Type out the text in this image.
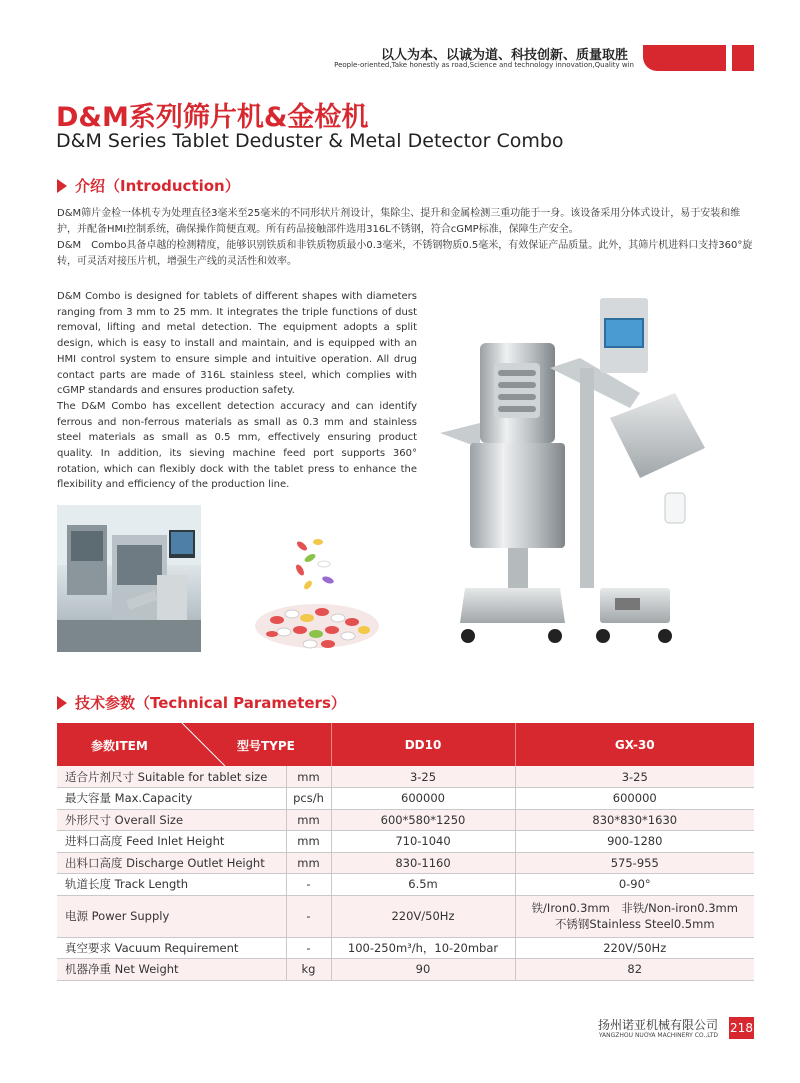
以人为本、以诚为道、科技创新、质量取胜
People-oriented,Take honestly as road,Science and technology innovation,Quality win
D&M系列筛片机&金检机
D&M Series Tablet Deduster & Metal Detector Combo
介绍（Introduction）

D&M筛片金检一体机专为处理直径3毫米至25毫米的不同形状片剂设计，集除尘、提升和金属检测三重功能于一身。该设备采用分体式设计，易于安装和维护，并配备HMI控制系统，确保操作简便直观。所有药品接触部件选用316L不锈钢，符合cGMP标准，保障生产安全。

D&M　Combo具备卓越的检测精度，能够识别铁质和非铁质物质最小0.3毫米，不锈钢物质0.5毫米，有效保证产品质量。此外，其筛片机进料口支持360°旋转，可灵活对接压片机，增强生产线的灵活性和效率。

D&M Combo is designed for tablets of different shapes with diameters ranging from 3 mm to 25 mm. It integrates the triple functions of dust removal, lifting and metal detection. The equipment adopts a split design, which is easy to install and maintain, and is equipped with an HMI control system to ensure simple and intuitive operation. All drug contact parts are made of 316L stainless steel, which complies with cGMP standards and ensures production safety.

The D&M Combo has excellent detection accuracy and can identify ferrous and non-ferrous materials as small as 0.3 mm and stainless steel materials as small as 0.5 mm, effectively ensuring product quality. In addition, its sieving machine feed port supports 360° rotation, which can flexibly dock with the tablet press to enhance the flexibility and efficiency of the production line.

技术参数（Technical Parameters）
参数ITEM 型号TYPE		DD10	GX-30
适合片剂尺寸 Suitable for tablet size	mm	3-25	3-25
最大容量 Max.Capacity	pcs/h	600000	600000
外形尺寸 Overall Size	mm	600*580*1250	830*830*1630
进料口高度 Feed Inlet Height	mm	710-1040	900-1280
出料口高度 Discharge Outlet Height	mm	830-1160	575-955
轨道长度 Track Length	-	6.5m	0-90°
电源 Power Supply	-	220V/50Hz	铁/Iron0.3mm　非铁/Non-iron0.3mm
不锈钢Stainless Steel0.5mm

真空要求 Vacuum Requirement	-	100-250m³/h，10-20mbar	220V/50Hz
机器净重 Net Weight	kg	90	82
扬州诺亚机械有限公司
YANGZHOU NUOYA MACHINERY CO.,LTD
218
